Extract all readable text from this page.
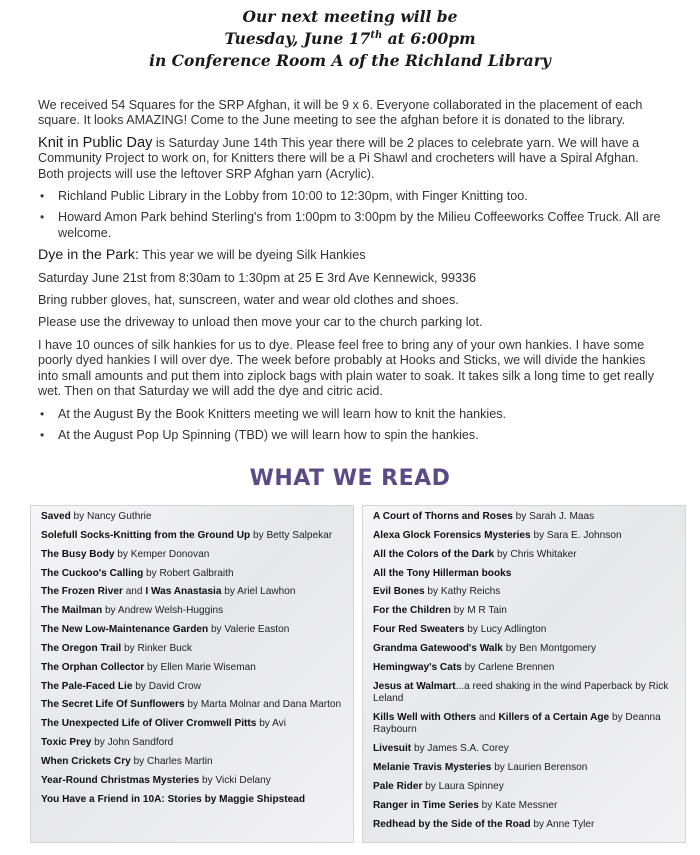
Our next meeting will be
Tuesday, June 17th at 6:00pm
in Conference Room A of the Richland Library

We received 54 Squares for the SRP Afghan, it will be 9 x 6. Everyone collaborated in the placement of each square. It looks AMAZING! Come to the June meeting to see the afghan before it is donated to the library.

Knit in Public Day is Saturday June 14th This year there will be 2 places to celebrate yarn. We will have a Community Project to work on, for Knitters there will be a Pi Shawl and crocheters will have a Spiral Afghan. Both projects will use the leftover SRP Afghan yarn (Acrylic).

• Richland Public Library in the Lobby from 10:00 to 12:30pm, with Finger Knitting too.
• Howard Amon Park behind Sterling's from 1:00pm to 3:00pm by the Milieu Coffeeworks Coffee Truck. All are welcome.

Dye in the Park: This year we will be dyeing Silk Hankies

Saturday June 21st from 8:30am to 1:30pm at 25 E 3rd Ave Kennewick, 99336

Bring rubber gloves, hat, sunscreen, water and wear old clothes and shoes.

Please use the driveway to unload then move your car to the church parking lot.

I have 10 ounces of silk hankies for us to dye. Please feel free to bring any of your own hankies. I have some poorly dyed hankies I will over dye. The week before probably at Hooks and Sticks, we will divide the hankies into small amounts and put them into ziplock bags with plain water to soak. It takes silk a long time to get really wet. Then on that Saturday we will add the dye and citric acid.

• At the August By the Book Knitters meeting we will learn how to knit the hankies.
• At the August Pop Up Spinning (TBD) we will learn how to spin the hankies.
WHAT WE READ
Saved by Nancy Guthrie
Solefull Socks-Knitting from the Ground Up by Betty Salpekar
The Busy Body by Kemper Donovan
The Cuckoo's Calling by Robert Galbraith
The Frozen River and I Was Anastasia by Ariel Lawhon
The Mailman by Andrew Welsh-Huggins
The New Low-Maintenance Garden by Valerie Easton
The Oregon Trail by Rinker Buck
The Orphan Collector by Ellen Marie Wiseman
The Pale-Faced Lie by David Crow
The Secret Life Of Sunflowers by Marta Molnar and Dana Marton
The Unexpected Life of Oliver Cromwell Pitts by Avi
Toxic Prey by John Sandford
When Crickets Cry by Charles Martin
Year-Round Christmas Mysteries by Vicki Delany
You Have a Friend in 10A: Stories by Maggie Shipstead
A Court of Thorns and Roses by Sarah J. Maas
Alexa Glock Forensics Mysteries by Sara E. Johnson
All the Colors of the Dark by Chris Whitaker
All the Tony Hillerman books
Evil Bones by Kathy Reichs
For the Children by M R Tain
Four Red Sweaters by Lucy Adlington
Grandma Gatewood's Walk by Ben Montgomery
Hemingway's Cats by Carlene Brennen
Jesus at Walmart...a reed shaking in the wind Paperback by Rick Leland
Kills Well with Others and Killers of a Certain Age by Deanna Raybourn
Livesuit by James S.A. Corey
Melanie Travis Mysteries by Laurien Berenson
Pale Rider by Laura Spinney
Ranger in Time Series by Kate Messner
Redhead by the Side of the Road by Anne Tyler
